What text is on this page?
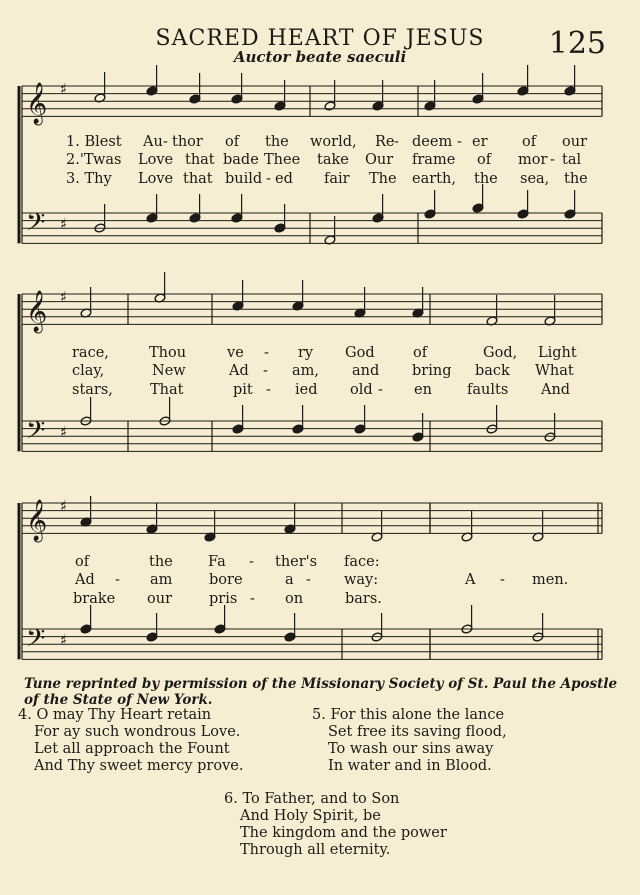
SACRED HEART OF JESUS
Auctor beate saeculi	125
𝄞
𝄢
♯
♯
𝄞
𝄢
♯
♯
𝄞
𝄢
♯
♯
1. Blest Au - thor of the world, Re - deem - er of our
2.'Twas Love that bade Thee take Our frame of mor - tal
3. Thy Love that build - ed fair The earth, the sea, the
race,	Thou	ve - ry God	of	God, Light
clay,	New	Ad - am, and bring back What
stars,	That	pit - ied old - en faults And
of	the Fa - ther's face:
Ad - am	bore	a - way:	A - men.
brake our	pris - on	bars.
Tune reprinted by permission of the Missionary Society of St. Paul the Apostle of the State of New York.
4. O may Thy Heart retain
For ay such wondrous Love.
Let all approach the Fount
And Thy sweet mercy prove.
5. For this alone the lance
Set free its saving flood,
To wash our sins away
In water and in Blood.
6. To Father, and to Son
And Holy Spirit, be
The kingdom and the power
Through all eternity.
